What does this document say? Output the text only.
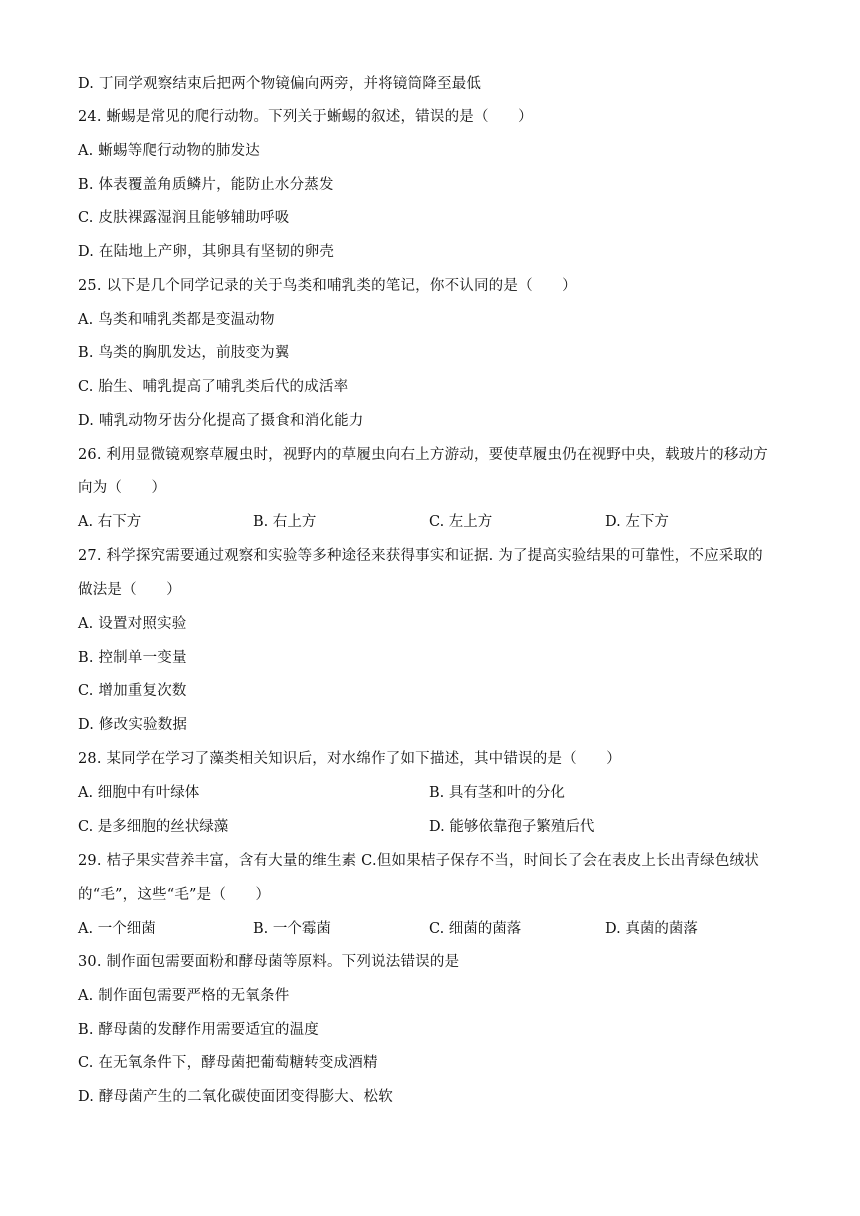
D. 丁同学观察结束后把两个物镜偏向两旁，并将镜筒降至最低
24. 蜥蜴是常见的爬行动物。下列关于蜥蜴的叙述，错误的是（　　）
A. 蜥蜴等爬行动物的肺发达
B. 体表覆盖角质鳞片，能防止水分蒸发
C. 皮肤裸露湿润且能够辅助呼吸
D. 在陆地上产卵，其卵具有坚韧的卵壳
25. 以下是几个同学记录的关于鸟类和哺乳类的笔记，你不认同的是（　　）
A. 鸟类和哺乳类都是变温动物
B. 鸟类的胸肌发达，前肢变为翼
C. 胎生、哺乳提高了哺乳类后代的成活率
D. 哺乳动物牙齿分化提高了摄食和消化能力
26. 利用显微镜观察草履虫时，视野内的草履虫向右上方游动，要使草履虫仍在视野中央，载玻片的移动方
向为（　　）
A. 右下方	B. 右上方	C. 左上方	D. 左下方
27. 科学探究需要通过观察和实验等多种途径来获得事实和证据. 为了提高实验结果的可靠性，不应采取的
做法是（　　）
A. 设置对照实验
B. 控制单一变量
C. 增加重复次数
D. 修改实验数据
28. 某同学在学习了藻类相关知识后，对水绵作了如下描述，其中错误的是（　　）
A. 细胞中有叶绿体	B. 具有茎和叶的分化
C. 是多细胞的丝状绿藻	D. 能够依靠孢子繁殖后代
29. 桔子果实营养丰富，含有大量的维生素 C.但如果桔子保存不当，时间长了会在表皮上长出青绿色绒状
的“毛”，这些“毛”是（　　）
A. 一个细菌	B. 一个霉菌	C. 细菌的菌落	D. 真菌的菌落
30. 制作面包需要面粉和酵母菌等原料。下列说法错误的是
A. 制作面包需要严格的无氧条件
B. 酵母菌的发酵作用需要适宜的温度
C. 在无氧条件下，酵母菌把葡萄糖转变成酒精
D. 酵母菌产生的二氧化碳使面团变得膨大、松软
